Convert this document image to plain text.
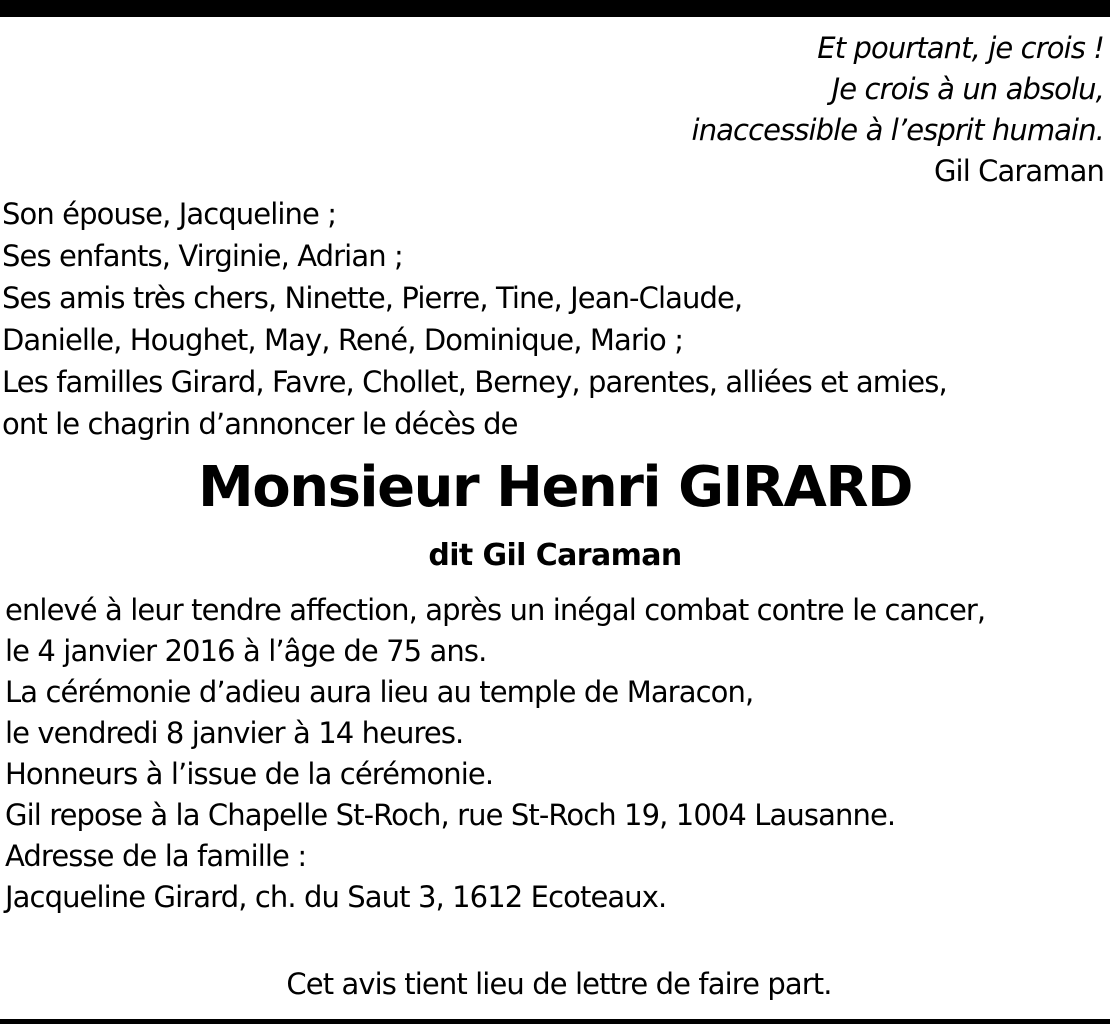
Et pourtant, je crois !
Je crois à un absolu,
inaccessible à l’esprit humain.
Gil Caraman
Son épouse, Jacqueline ;
Ses enfants, Virginie, Adrian ;
Ses amis très chers, Ninette, Pierre, Tine, Jean-Claude,
Danielle, Houghet, May, René, Dominique, Mario ;
Les familles Girard, Favre, Chollet, Berney, parentes, alliées et amies,
ont le chagrin d’annoncer le décès de
Monsieur Henri GIRARD
dit Gil Caraman
enlevé à leur tendre affection, après un inégal combat contre le cancer,
le 4 janvier 2016 à l’âge de 75 ans.
La cérémonie d’adieu aura lieu au temple de Maracon,
le vendredi 8 janvier à 14 heures.
Honneurs à l’issue de la cérémonie.
Gil repose à la Chapelle St-Roch, rue St-Roch 19, 1004 Lausanne.
Adresse de la famille :
Jacqueline Girard, ch. du Saut 3, 1612 Ecoteaux.
Cet avis tient lieu de lettre de faire part.
